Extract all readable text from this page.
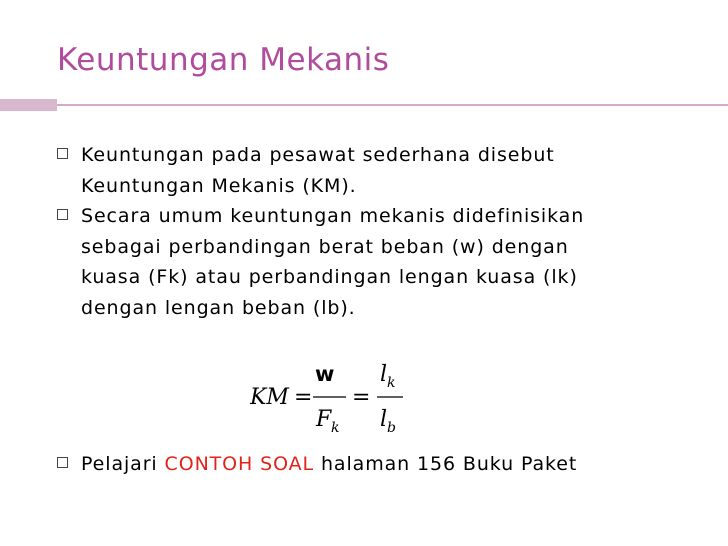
Keuntungan Mekanis
Keuntungan pada pesawat sederhana disebut
Keuntungan Mekanis (KM).
Secara umum keuntungan mekanis didefinisikan
sebagai perbandingan berat beban (w) dengan
kuasa (Fk) atau perbandingan lengan kuasa (lk)
dengan lengan beban (lb).
KM =
w
F k
=
l k
l b
Pelajari CONTOH SOAL halaman 156 Buku Paket
